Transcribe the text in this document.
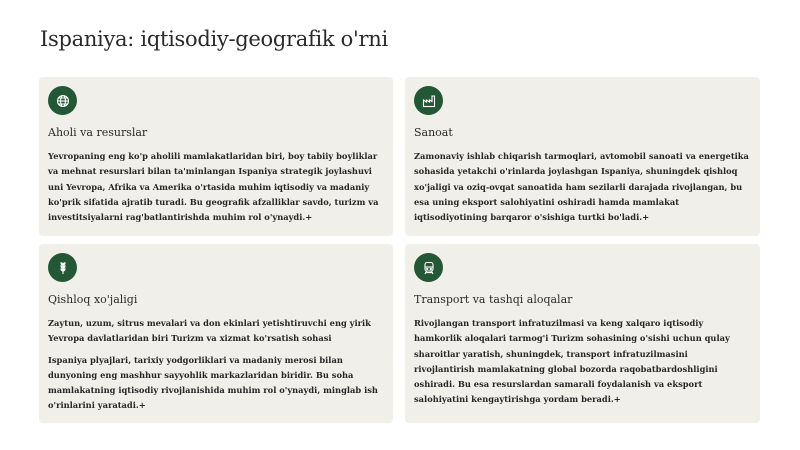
Ispaniya: iqtisodiy-geografik o'rni
Aholi va resurslar

Yevropaning eng ko'p aholili mamlakatlaridan biri, boy tabiiy boyliklar va mehnat resurslari bilan ta'minlangan Ispaniya strategik joylashuvi uni Yevropa, Afrika va Amerika o'rtasida muhim iqtisodiy va madaniy ko'prik sifatida ajratib turadi. Bu geografik afzalliklar savdo, turizm va investitsiyalarni rag'batlantirishda muhim rol o'ynaydi.+

Sanoat

Zamonaviy ishlab chiqarish tarmoqlari, avtomobil sanoati va energetika sohasida yetakchi o'rinlarda joylashgan Ispaniya, shuningdek qishloq xo'jaligi va oziq-ovqat sanoatida ham sezilarli darajada rivojlangan, bu esa uning eksport salohiyatini oshiradi hamda mamlakat iqtisodiyotining barqaror o'sishiga turtki bo'ladi.+

Qishloq xo'jaligi

Zaytun, uzum, sitrus mevalari va don ekinlari yetishtiruvchi eng yirik Yevropa davlatlaridan biri Turizm va xizmat ko'rsatish sohasi

Ispaniya plyajlari, tarixiy yodgorliklari va madaniy merosi bilan dunyoning eng mashhur sayyohlik markazlaridan biridir. Bu soha mamlakatning iqtisodiy rivojlanishida muhim rol o'ynaydi, minglab ish o'rinlarini yaratadi.+

Transport va tashqi aloqalar

Rivojlangan transport infratuzilmasi va keng xalqaro iqtisodiy hamkorlik aloqalari tarmog'i Turizm sohasining o'sishi uchun qulay sharoitlar yaratish, shuningdek, transport infratuzilmasini rivojlantirish mamlakatning global bozorda raqobatbardoshligini oshiradi. Bu esa resurslardan samarali foydalanish va eksport salohiyatini kengaytirishga yordam beradi.+
